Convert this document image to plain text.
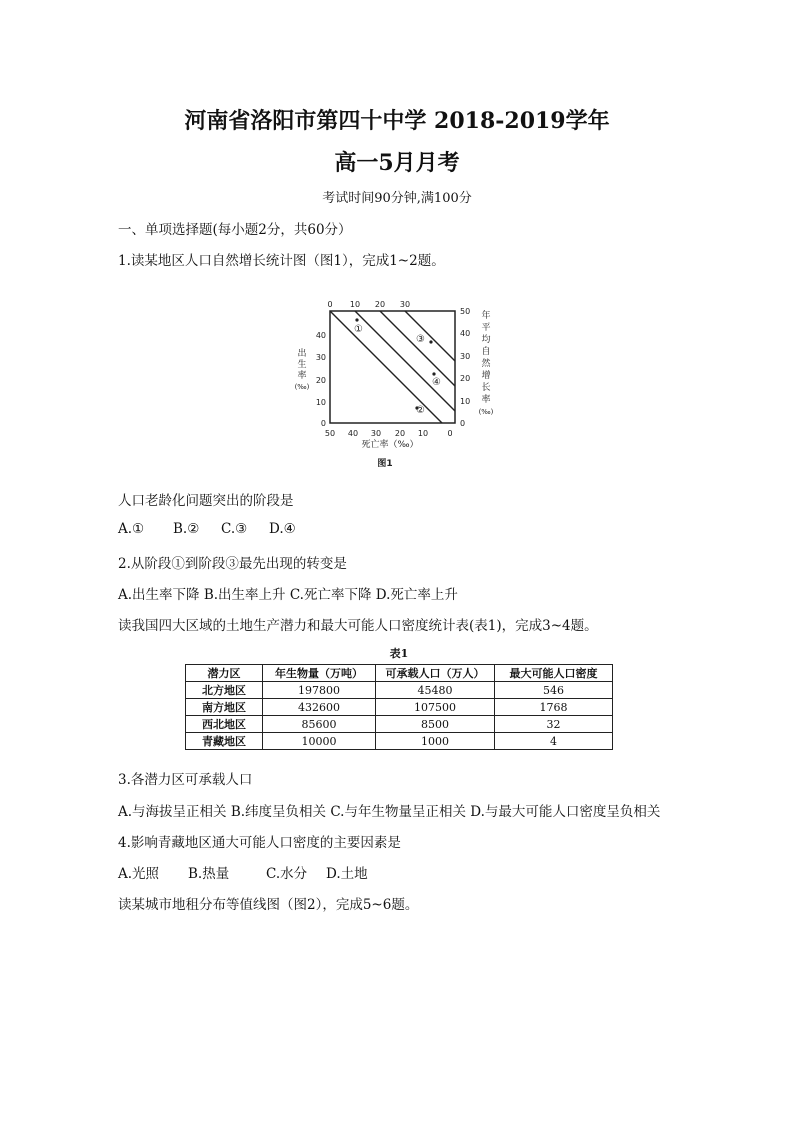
河南省洛阳市第四十中学 2018-2019学年
高一5月月考
考试时间90分钟,满100分
一、单项选择题(每小题2分，共60分）
1.读某地区人口自然增长统计图（图1），完成1~2题。
0 10 20 30
40
30
20
10
0
50
40
30
20
10
0
50 40 30 20 10 0
①
②
③
④
出
生
率
(‰)
年
平
均
自
然
增
长
率
(‰)
死亡率（‰）
图1
人口老龄化问题突出的阶段是
A.① B.② C.③ D.④
2.从阶段①到阶段③最先出现的转变是
A.出生率下降 B.出生率上升 C.死亡率下降 D.死亡率上升
读我国四大区域的土地生产潜力和最大可能人口密度统计表(表1)，完成3~4题。
表1
潜力区	年生物量（万吨）	可承载人口（万人）	最大可能人口密度
北方地区	197800	45480	546
南方地区	432600	107500	1768
西北地区	85600	8500	32
青藏地区	10000	1000	4
3.各潜力区可承载人口
A.与海拔呈正相关 B.纬度呈负相关 C.与年生物量呈正相关 D.与最大可能人口密度呈负相关
4.影响青藏地区通大可能人口密度的主要因素是
A.光照 B.热量	C.水分 D.土地
读某城市地租分布等值线图（图2），完成5~6题。
